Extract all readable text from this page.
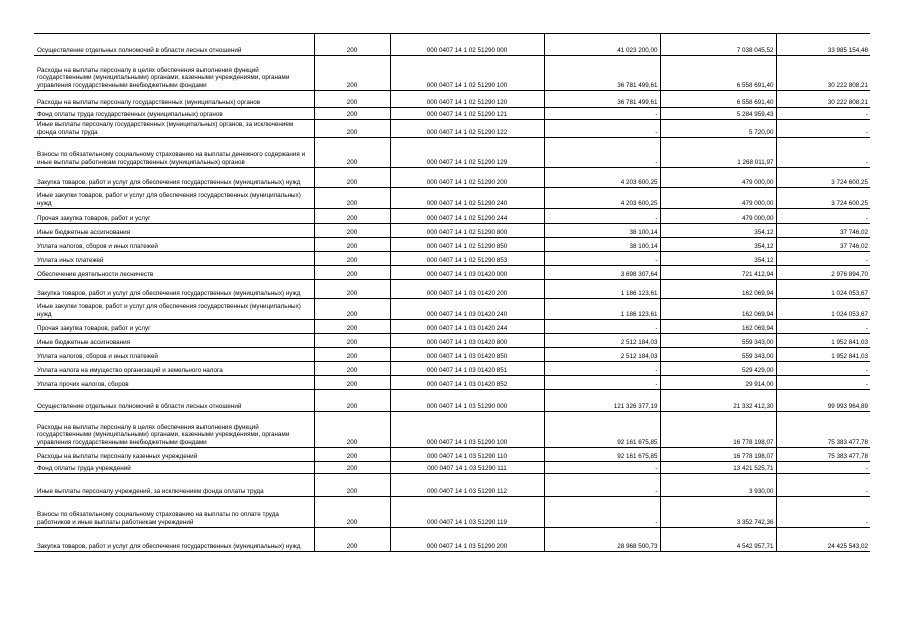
Осуществление отдельных полномочий в области лесных отношений	200	000 0407 14 1 02 51290 000	41 023 200,00	7 038 045,52	33 985 154,48
Расходы на выплаты персоналу в целях обеспечения выполнения функций государственными (муниципальными) органами, казенными учреждениями, органами управления государственными внебюджетными фондами	200	000 0407 14 1 02 51290 100	36 781 499,61	6 558 691,40	30 222 808,21
Расходы на выплаты персоналу государственных (муниципальных) органов	200	000 0407 14 1 02 51290 120	36 781 499,61	6 558 691,40	30 222 808,21
Фонд оплаты труда государственных (муниципальных) органов	200	000 0407 14 1 02 51290 121	-	5 284 959,43	-
Иные выплаты персоналу государственных (муниципальных) органов, за исключением фонда оплаты труда	200	000 0407 14 1 02 51290 122	-	5 720,00	-
Взносы по обязательному социальному страхованию на выплаты денежного содержания и иные выплаты работникам государственных (муниципальных) органов	200	000 0407 14 1 02 51290 129	-	1 268 011,97	-
Закупка товаров, работ и услуг для обеспечения государственных (муниципальных) нужд	200	000 0407 14 1 02 51290 200	4 203 600,25	479 000,00	3 724 600,25
Иные закупки товаров, работ и услуг для обеспечения государственных (муниципальных) нужд	200	000 0407 14 1 02 51290 240	4 203 600,25	479 000,00	3 724 600,25
Прочая закупка товаров, работ и услуг	200	000 0407 14 1 02 51290 244	-	479 000,00	-
Иные бюджетные ассигнования	200	000 0407 14 1 02 51290 800	38 100,14	354,12	37 746,02
Уплата налогов, сборов и иных платежей	200	000 0407 14 1 02 51290 850	38 100,14	354,12	37 746,02
Уплата иных платежей	200	000 0407 14 1 02 51290 853	-	354,12	-
Обеспечение деятельности лесничеств	200	000 0407 14 1 03 01420 000	3 698 307,64	721 412,94	2 976 894,70
Закупка товаров, работ и услуг для обеспечения государственных (муниципальных) нужд	200	000 0407 14 1 03 01420 200	1 186 123,61	162 069,94	1 024 053,67
Иные закупки товаров, работ и услуг для обеспечения государственных (муниципальных) нужд	200	000 0407 14 1 03 01420 240	1 186 123,61	162 069,94	1 024 053,67
Прочая закупка товаров, работ и услуг	200	000 0407 14 1 03 01420 244	-	162 069,94	-
Иные бюджетные ассигнования	200	000 0407 14 1 03 01420 800	2 512 184,03	559 343,00	1 952 841,03
Уплата налогов, сборов и иных платежей	200	000 0407 14 1 03 01420 850	2 512 184,03	559 343,00	1 952 841,03
Уплата налога на имущество организаций и земельного налога	200	000 0407 14 1 03 01420 851	-	529 429,00	-
Уплата прочих налогов, сборов	200	000 0407 14 1 03 01420 852	-	29 914,00	-
Осуществление отдельных полномочий в области лесных отношений	200	000 0407 14 1 03 51290 000	121 326 377,19	21 332 412,30	99 993 964,89
Расходы на выплаты персоналу в целях обеспечения выполнения функций государственными (муниципальными) органами, казенными учреждениями, органами управления государственными внебюджетными фондами	200	000 0407 14 1 03 51290 100	92 161 675,85	16 778 198,07	75 383 477,78
Расходы на выплаты персоналу казенных учреждений	200	000 0407 14 1 03 51290 110	92 161 675,85	16 778 198,07	75 383 477,78
Фонд оплаты труда учреждений	200	000 0407 14 1 03 51290 111	-	13 421 525,71	-
Иные выплаты персоналу учреждений, за исключением фонда оплаты труда	200	000 0407 14 1 03 51290 112	-	3 930,00	-
Взносы по обязательному социальному страхованию на выплаты по оплате труда работников и иные выплаты работникам учреждений	200	000 0407 14 1 03 51290 119	-	3 352 742,36	-
Закупка товаров, работ и услуг для обеспечения государственных (муниципальных) нужд	200	000 0407 14 1 03 51290 200	28 968 500,73	4 542 957,71	24 425 543,02
